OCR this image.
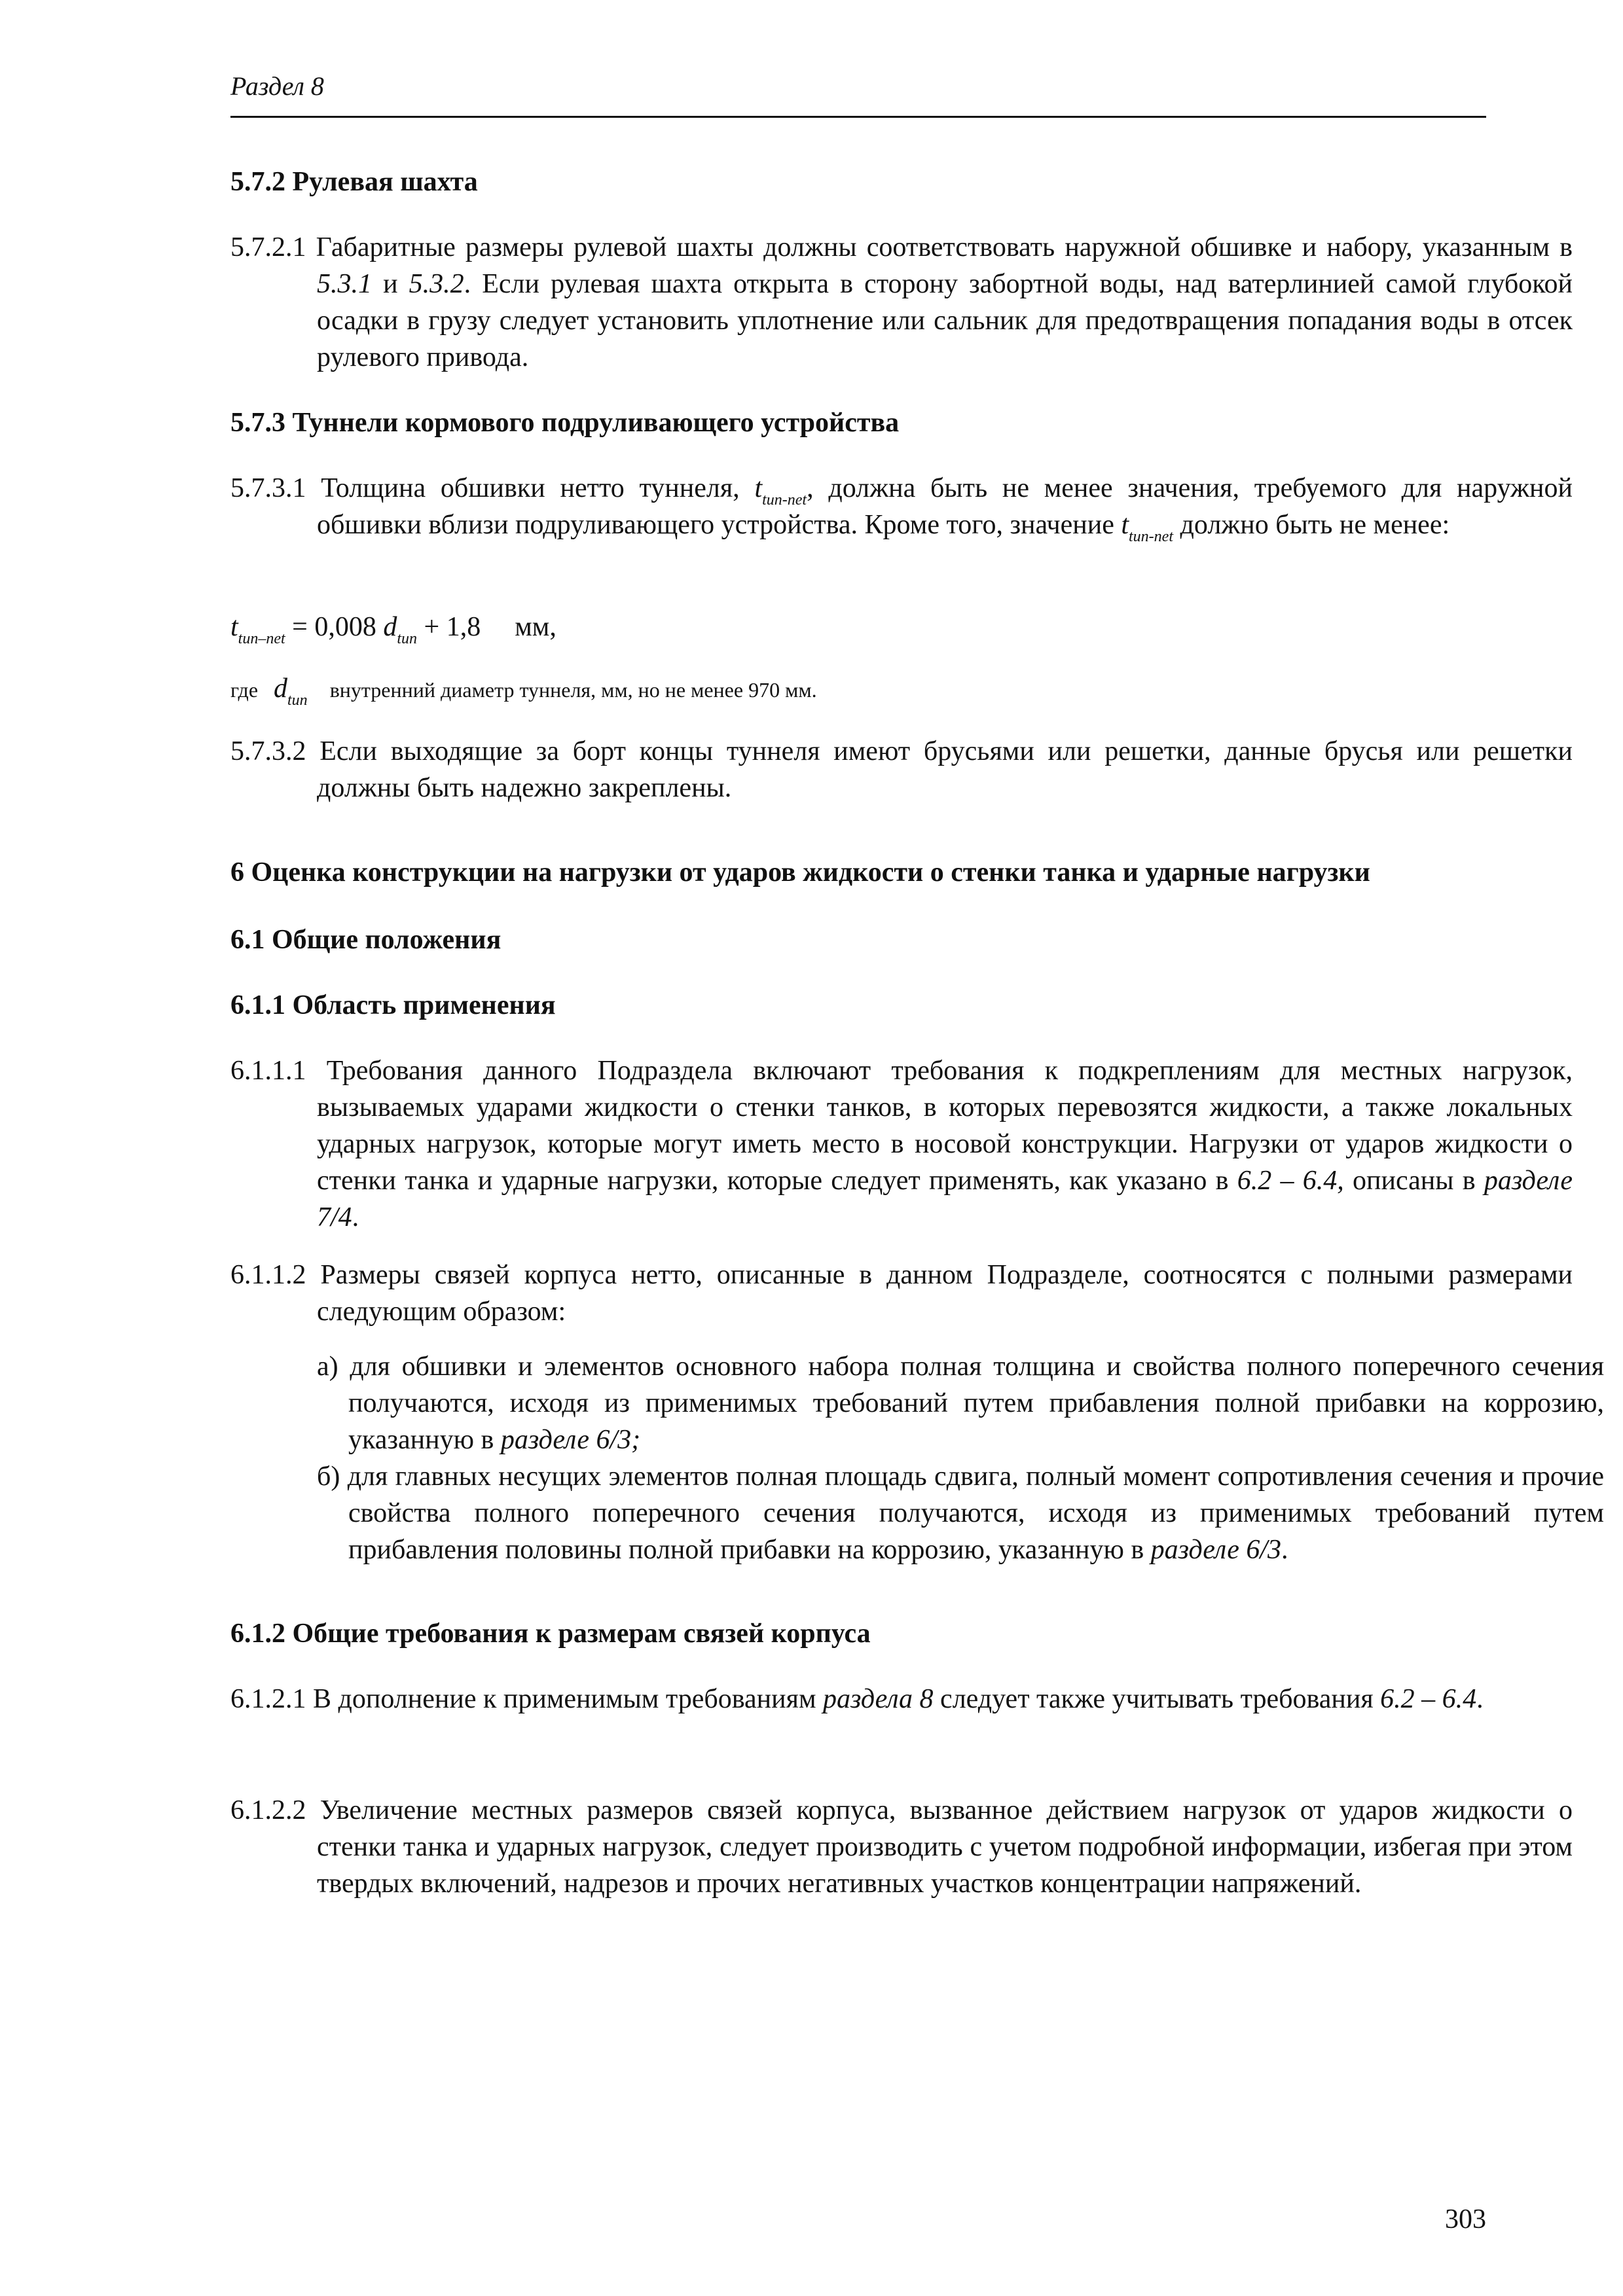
Раздел 8
5.7.2 Рулевая шахта

5.7.2.1 Габаритные размеры рулевой шахты должны соответствовать наружной обшивке и набору, указанным в 5.3.1 и 5.3.2. Если рулевая шахта открыта в сторону забортной воды, над ватерлинией самой глубокой осадки в грузу следует установить уплотнение или сальник для предотвращения попадания воды в отсек рулевого привода.

5.7.3 Туннели кормового подруливающего устройства

5.7.3.1 Толщина обшивки нетто туннеля, $t_{tun-net}$, должна быть не менее значения, требуемого для наружной обшивки вблизи подруливающего устройства. Кроме того, значение $t_{tun-net}$ должно быть не менее:

$t_{tun-net} = 0,008$ $d_{tun} + 1,8$ мм,

где $d_{tun}$ внутренний диаметр туннеля, мм, но не менее 970 мм.

5.7.3.2 Если выходящие за борт концы туннеля имеют брусьями или решетки, данные брусья или решетки должны быть надежно закреплены.

6 Оценка конструкции на нагрузки от ударов жидкости о стенки танка и ударные нагрузки
6.1 Общие положения
6.1.1 Область применения

6.1.1.1 Требования данного Подраздела включают требования к подкреплениям для местных нагрузок, вызываемых ударами жидкости о стенки танков, в которых перевозятся жидкости, а также локальных ударных нагрузок, которые могут иметь место в носовой конструкции. Нагрузки от ударов жидкости о стенки танка и ударные нагрузки, которые следует применять, как указано в 6.2 – 6.4, описаны в разделе 7/4.

6.1.1.2 Размеры связей корпуса нетто, описанные в данном Подразделе, соотносятся с полными размерами следующим образом:

а) для обшивки и элементов основного набора полная толщина и свойства полного поперечного сечения получаются, исходя из применимых требований путем прибавления полной прибавки на коррозию, указанную в разделе 6/3;

б) для главных несущих элементов полная площадь сдвига, полный момент сопротивления сечения и прочие свойства полного поперечного сечения получаются, исходя из применимых требований путем прибавления половины полной прибавки на коррозию, указанную в разделе 6/3.

6.1.2 Общие требования к размерам связей корпуса

6.1.2.1 В дополнение к применимым требованиям раздела 8 следует также учитывать требования 6.2 – 6.4.

6.1.2.2 Увеличение местных размеров связей корпуса, вызванное действием нагрузок от ударов жидкости о стенки танка и ударных нагрузок, следует производить с учетом подробной информации, избегая при этом твердых включений, надрезов и прочих негативных участков концентрации напряжений.

303
